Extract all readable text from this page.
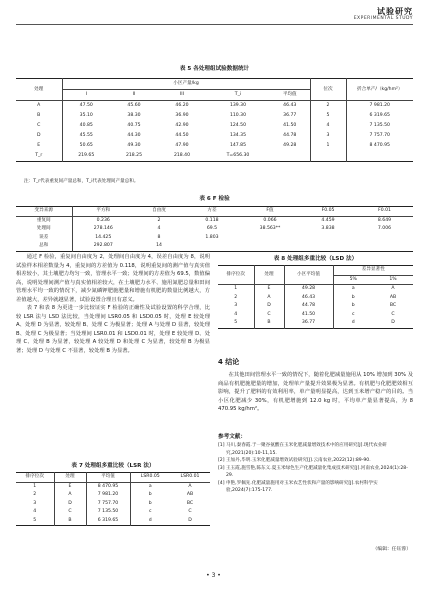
试验研究
EXPERIMENTAL STUDY
表 5 各处理组试验数据统计
处理	小区产量/kg					位次	折合单产/（kg/hm²）
	I	II	III	T_i	平均值		
A	47.50	45.60	46.20	139.30	46.43	2	7 981.20
B	35.10	38.30	36.90	110.30	36.77	5	6 319.65
C	40.85	40.75	42.90	124.50	41.50	4	7 135.50
D	45.55	44.30	44.50	134.35	44.78	3	7 757.70
E	50.65	49.30	47.90	147.85	49.28	1	8 470.95
T_r	219.65	218.25	218.40	T=656.30			
注：T_r代表重复间产量总和，T_i代表处理间产量总和。
表 6 F 检验
变异来源	平方和	自由度	方差	F值	F0.05	F0.01
重复间	0.236	2	0.118	0.066	4.459	8.649
处理间	278.146	4	69.5	38.563**	3.838	7.006
误差	14.425	8	1.803			
总和	292.807	14				

通过 F 检验，重复间自由度为 2，处理间自由度为 4，误差自由度为 8，说明试验样本相差数量为 4，重复间的方差值为 0.118，说明重复间的测产值与真实值相差较小，其土壤肥力均匀一致，管理水平一致；处理间的方差值为 69.5，数值偏高，说明处理间测产值与真实值相差较大，在土壤肥力水平、施用氮肥总量和田间管理水平均一致的情况下，减少氮磷钾肥施肥量和增施有机肥的数量比例越大，方差值越大，差异就越显著，试验设置合理且有意义。

表 7 和表 8 为更进一步比较证实 F 检验的正确性及试验设置的科学合理，比较 LSR 法与 LSD 法比较，当处理间 LSR0.05 和 LSD0.05 时，处理 E 较处理 A、处理 D 为显著，较处理 B、处理 C 为极显著；处理 A 与处理 D 显著，较处理 B、处理 C 为极显著；当处理间 LSR0.01 和 LSD0.01 时，处理 E 较处理 D、处理 C、处理 B 为显著，较处理 A 较处理 D 和处理 C 为显著，较处理 B 为极显著；处理 D 与处理 C 不显著，较处理 B 为显著。

表 7 处理组多重比较（LSR 法）
排序位次	处理	平均值	LSR0.05	LSR0.01
1	E	8 470.95	a	A
2	A	7 981.20	b	AB
3	D	7 757.70	b	BC
4	C	7 135.50	c	C
5	B	6 319.65	d	D
表 8 处理组多重比较（LSD 法）
排序位次	处理	小区平均值	差异显著性	
			5%	1%
1	E	49.28	a	A
2	A	46.43	b	AB
3	D	44.78	b	BC
4	C	41.50	c	C
5	B	36.77	d	D
4 结论

在其他田间管理水平一致的情况下，随着化肥减量施用从 10% 增加到 30% 及商品有机肥施肥量的增加，处理单产量提升效果极为显著。有机肥与化肥肥效相互影响，提升了肥料的有效利用率，单产量明显提高，达到玉米增产稳产的目的。当小区化肥减少 30%，有机肥增施到 12.0 kg 时，平均单产量显著提高，为 8 470.95 kg/hm²。

参考文献：
[1] 马川,秦春霞.于一聚谷氨酸在玉米化肥减量增效技术中的应用研究[J].现代农业研究,2021(20):10-11,15.
[2] 王加丹,毕明.玉米化肥减量增效试验研究[J].云南农业,2022(12):89-90.
[3] 王玉霞,施雪艳,陈东义.夏玉米绿色生产化肥减量化集成技术研究[J].河南农业,2024(1):28-29.
[4] 申艳,罗佩先.化肥减量施用对玉米农艺性状和产量的影响研究[J].农村科学实验,2024(7):175-177.
（编辑：任钰蓉）
• 3 •
